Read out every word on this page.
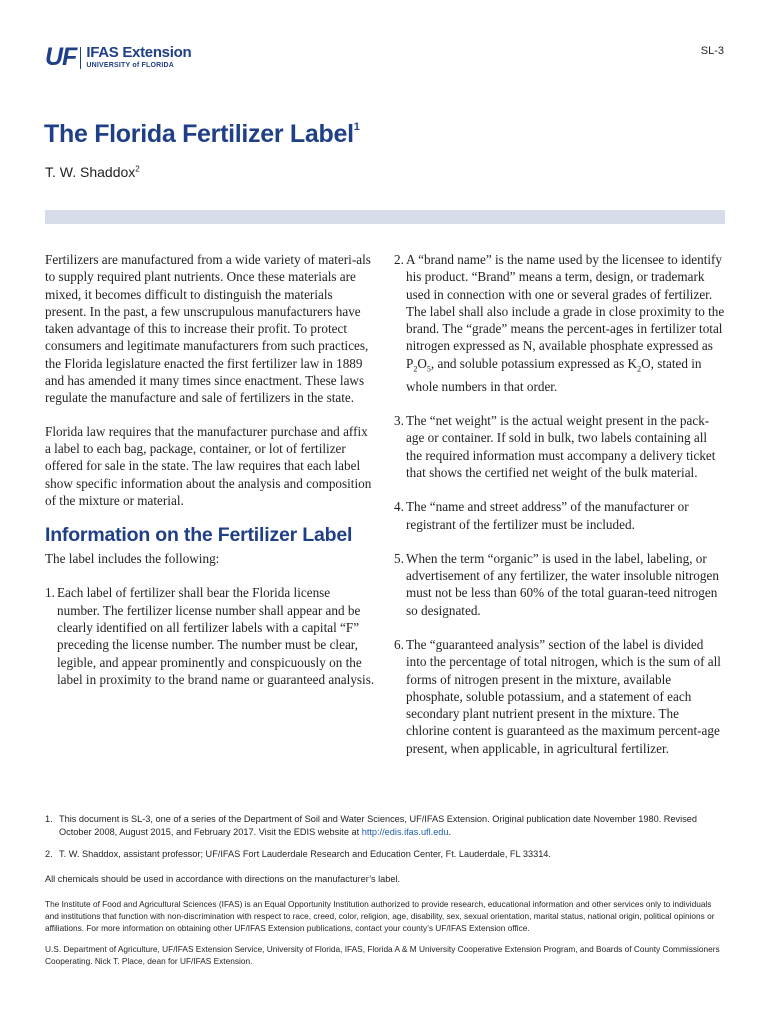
UF IFAS Extension
UNIVERSITY of FLORIDA
SL-3
The Florida Fertilizer Label$^1$
T. W. Shaddox$^2$

Fertilizers are manufactured from a wide variety of materi-als to supply required plant nutrients. Once these materials are mixed, it becomes difficult to distinguish the materials present. In the past, a few unscrupulous manufacturers have taken advantage of this to increase their profit. To protect consumers and legitimate manufacturers from such practices, the Florida legislature enacted the first fertilizer law in 1889 and has amended it many times since enactment. These laws regulate the manufacture and sale of fertilizers in the state.

Florida law requires that the manufacturer purchase and affix a label to each bag, package, container, or lot of fertilizer offered for sale in the state. The law requires that each label show specific information about the analysis and composition of the mixture or material.

Information on the Fertilizer Label

The label includes the following:

1. Each label of fertilizer shall bear the Florida license number. The fertilizer license number shall appear and be clearly identified on all fertilizer labels with a capital “F” preceding the license number. The number must be clear, legible, and appear prominently and conspicuously on the label in proximity to the brand name or guaranteed analysis.
2. A “brand name” is the name used by the licensee to identify his product. “Brand” means a term, design, or trademark used in connection with one or several grades of fertilizer. The label shall also include a grade in close proximity to the brand. The “grade” means the percent-ages in fertilizer total nitrogen expressed as N, available phosphate expressed as $P_2O_5$, and soluble potassium expressed as $K_2O$, stated in whole numbers in that order.
3. The “net weight” is the actual weight present in the pack-age or container. If sold in bulk, two labels containing all the required information must accompany a delivery ticket that shows the certified net weight of the bulk material.
4. The “name and street address” of the manufacturer or registrant of the fertilizer must be included.
5. When the term “organic” is used in the label, labeling, or advertisement of any fertilizer, the water insoluble nitrogen must not be less than 60% of the total guaran-teed nitrogen so designated.
6. The “guaranteed analysis” section of the label is divided into the percentage of total nitrogen, which is the sum of all forms of nitrogen present in the mixture, available phosphate, soluble potassium, and a statement of each secondary plant nutrient present in the mixture. The chlorine content is guaranteed as the maximum percent-age present, when applicable, in agricultural fertilizer.
1. This document is SL-3, one of a series of the Department of Soil and Water Sciences, UF/IFAS Extension. Original publication date November 1980. Revised October 2008, August 2015, and February 2017. Visit the EDIS website at http://edis.ifas.ufl.edu.
2. T. W. Shaddox, assistant professor; UF/IFAS Fort Lauderdale Research and Education Center, Ft. Lauderdale, FL 33314.

All chemicals should be used in accordance with directions on the manufacturer’s label.

The Institute of Food and Agricultural Sciences (IFAS) is an Equal Opportunity Institution authorized to provide research, educational information and other services only to individuals and institutions that function with non-discrimination with respect to race, creed, color, religion, age, disability, sex, sexual orientation, marital status, national origin, political opinions or affiliations. For more information on obtaining other UF/IFAS Extension publications, contact your county’s UF/IFAS Extension office.

U.S. Department of Agriculture, UF/IFAS Extension Service, University of Florida, IFAS, Florida A & M University Cooperative Extension Program, and Boards of County Commissioners Cooperating. Nick T. Place, dean for UF/IFAS Extension.
